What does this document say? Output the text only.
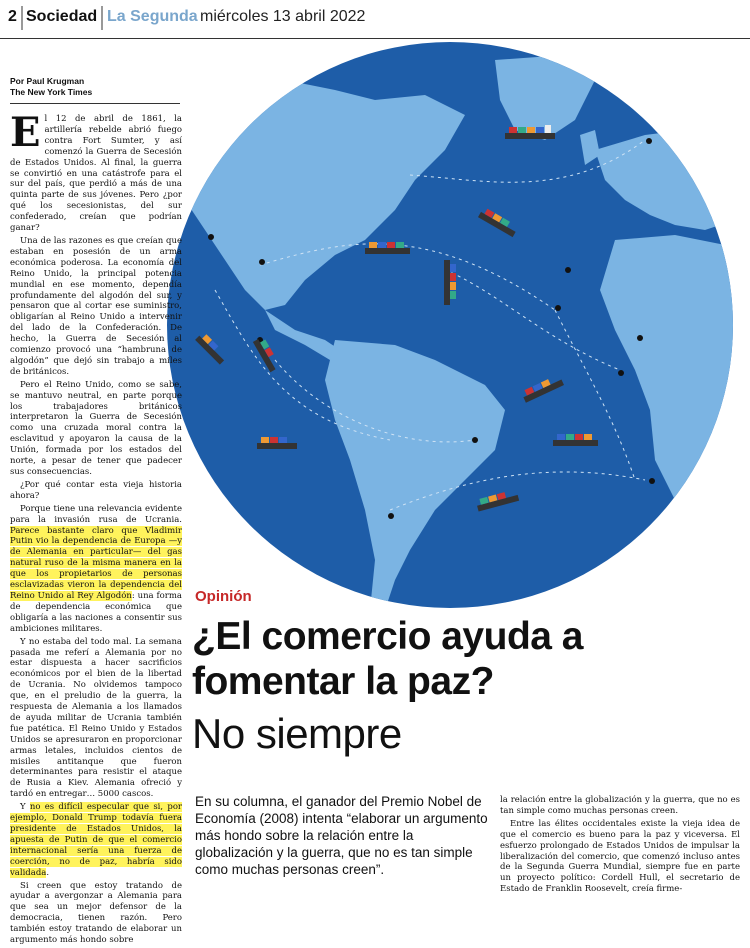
2 Sociedad La Segunda miércoles 13 abril 2022
Por Paul Krugman
The New York Times

El 12 de abril de 1861, la artillería rebelde abrió fuego contra Fort Sumter, y así comenzó la Guerra de Secesión de Estados Unidos. Al final, la guerra se convirtió en una catástrofe para el sur del país, que perdió a más de una quinta parte de sus jóvenes. Pero ¿por qué los secesionistas, del sur confederado, creían que podrían ganar?

Una de las razones es que creían que estaban en posesión de un arma económica poderosa. La economía del Reino Unido, la principal potencia mundial en ese momento, dependía profundamente del algodón del sur, y pensaron que al cortar ese suministro, obligarían al Reino Unido a intervenir del lado de la Confederación. De hecho, la Guerra de Secesión al comienzo provocó una “hambruna de algodón” que dejó sin trabajo a miles de británicos.

Pero el Reino Unido, como se sabe, se mantuvo neutral, en parte porque los trabajadores británicos interpretaron la Guerra de Secesión como una cruzada moral contra la esclavitud y apoyaron la causa de la Unión, formada por los estados del norte, a pesar de tener que padecer sus consecuencias.

¿Por qué contar esta vieja historia ahora?

Porque tiene una relevancia evidente para la invasión rusa de Ucrania. Parece bastante claro que Vladimir Putin vio la dependencia de Europa —y de Alemania en particular— del gas natural ruso de la misma manera en la que los propietarios de personas esclavizadas vieron la dependencia del Reino Unido al Rey Algodón: una forma de dependencia económica que obligaría a las naciones a consentir sus ambiciones militares.

Y no estaba del todo mal. La semana pasada me referí a Alemania por no estar dispuesta a hacer sacrificios económicos por el bien de la libertad de Ucrania. No olvidemos tampoco que, en el preludio de la guerra, la respuesta de Alemania a los llamados de ayuda militar de Ucrania también fue patética. El Reino Unido y Estados Unidos se apresuraron en proporcionar armas letales, incluidos cientos de misiles antitanque que fueron determinantes para resistir el ataque de Rusia a Kiev. Alemania ofreció y tardó en entregar… 5000 cascos.

Y no es difícil especular que si, por ejemplo, Donald Trump todavía fuera presidente de Estados Unidos, la apuesta de Putin de que el comercio internacional sería una fuerza de coerción, no de paz, habría sido validada.

Si creen que estoy tratando de ayudar a avergonzar a Alemania para que sea un mejor defensor de la democracia, tienen razón. Pero también estoy tratando de elaborar un argumento más hondo sobre

Opinión
¿El comercio ayuda a fomentar la paz?
No siempre
En su columna, el ganador del Premio Nobel de Economía (2008) intenta “elaborar un argumento más hondo sobre la relación entre la globalización y la guerra, que no es tan simple como muchas personas creen”.

la relación entre la globalización y la guerra, que no es tan simple como muchas personas creen.

Entre las élites occidentales existe la vieja idea de que el comercio es bueno para la paz y viceversa. El esfuerzo prolongado de Estados Unidos de impulsar la liberalización del comercio, que comenzó incluso antes de la Segunda Guerra Mundial, siempre fue en parte un proyecto político: Cordell Hull, el secretario de Estado de Franklin Roosevelt, creía firme-
